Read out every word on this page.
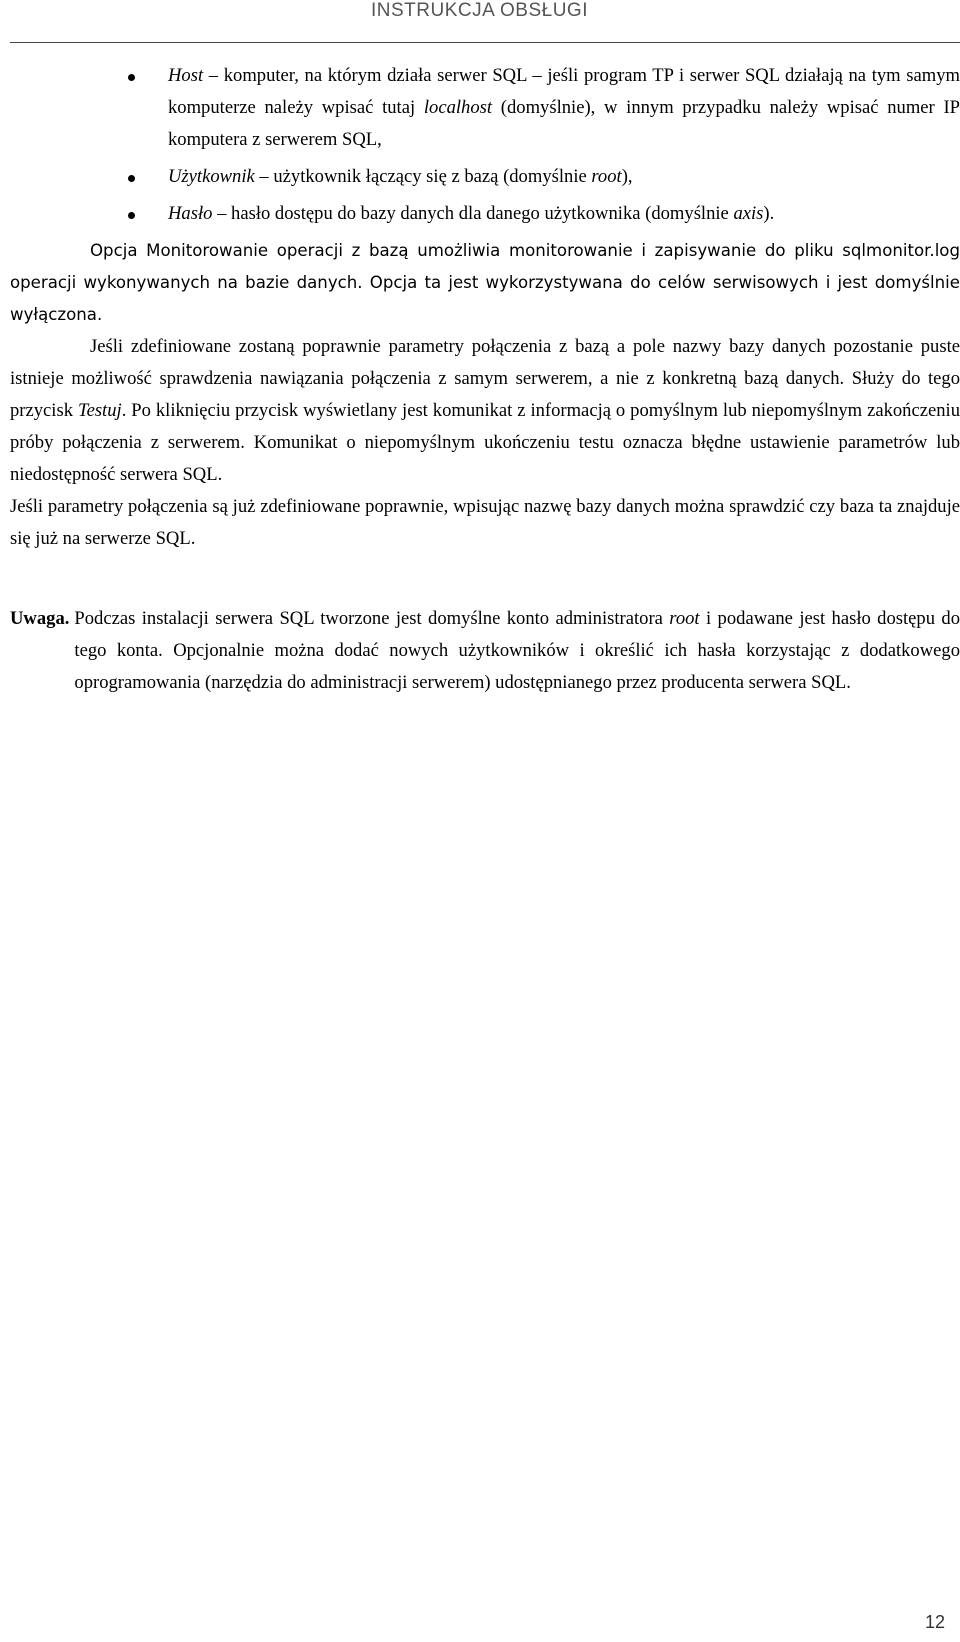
INSTRUKCJA OBSŁUGI
Host – komputer, na którym działa serwer SQL – jeśli program TP i serwer SQL działają na tym samym komputerze należy wpisać tutaj localhost (domyślnie), w innym przypadku należy wpisać numer IP komputera z serwerem SQL,
Użytkownik – użytkownik łączący się z bazą (domyślnie root),
Hasło – hasło dostępu do bazy danych dla danego użytkownika (domyślnie axis).

Opcja Monitorowanie operacji z bazą umożliwia monitorowanie i zapisywanie do pliku sqlmonitor.log operacji wykonywanych na bazie danych. Opcja ta jest wykorzystywana do celów serwisowych i jest domyślnie wyłączona.

Jeśli zdefiniowane zostaną poprawnie parametry połączenia z bazą a pole nazwy bazy danych pozostanie puste istnieje możliwość sprawdzenia nawiązania połączenia z samym serwerem, a nie z konkretną bazą danych. Służy do tego przycisk Testuj. Po kliknięciu przycisk wyświetlany jest komunikat z informacją o pomyślnym lub niepomyślnym zakończeniu próby połączenia z serwerem. Komunikat o niepomyślnym ukończeniu testu oznacza błędne ustawienie parametrów lub niedostępność serwera SQL.

Jeśli parametry połączenia są już zdefiniowane poprawnie, wpisując nazwę bazy danych można sprawdzić czy baza ta znajduje się już na serwerze SQL.

Uwaga. Podczas instalacji serwera SQL tworzone jest domyślne konto administratora root i podawane jest hasło dostępu do tego konta. Opcjonalnie można dodać nowych użytkowników i określić ich hasła korzystając z dodatkowego oprogramowania (narzędzia do administracji serwerem) udostępnianego przez producenta serwera SQL.
12
